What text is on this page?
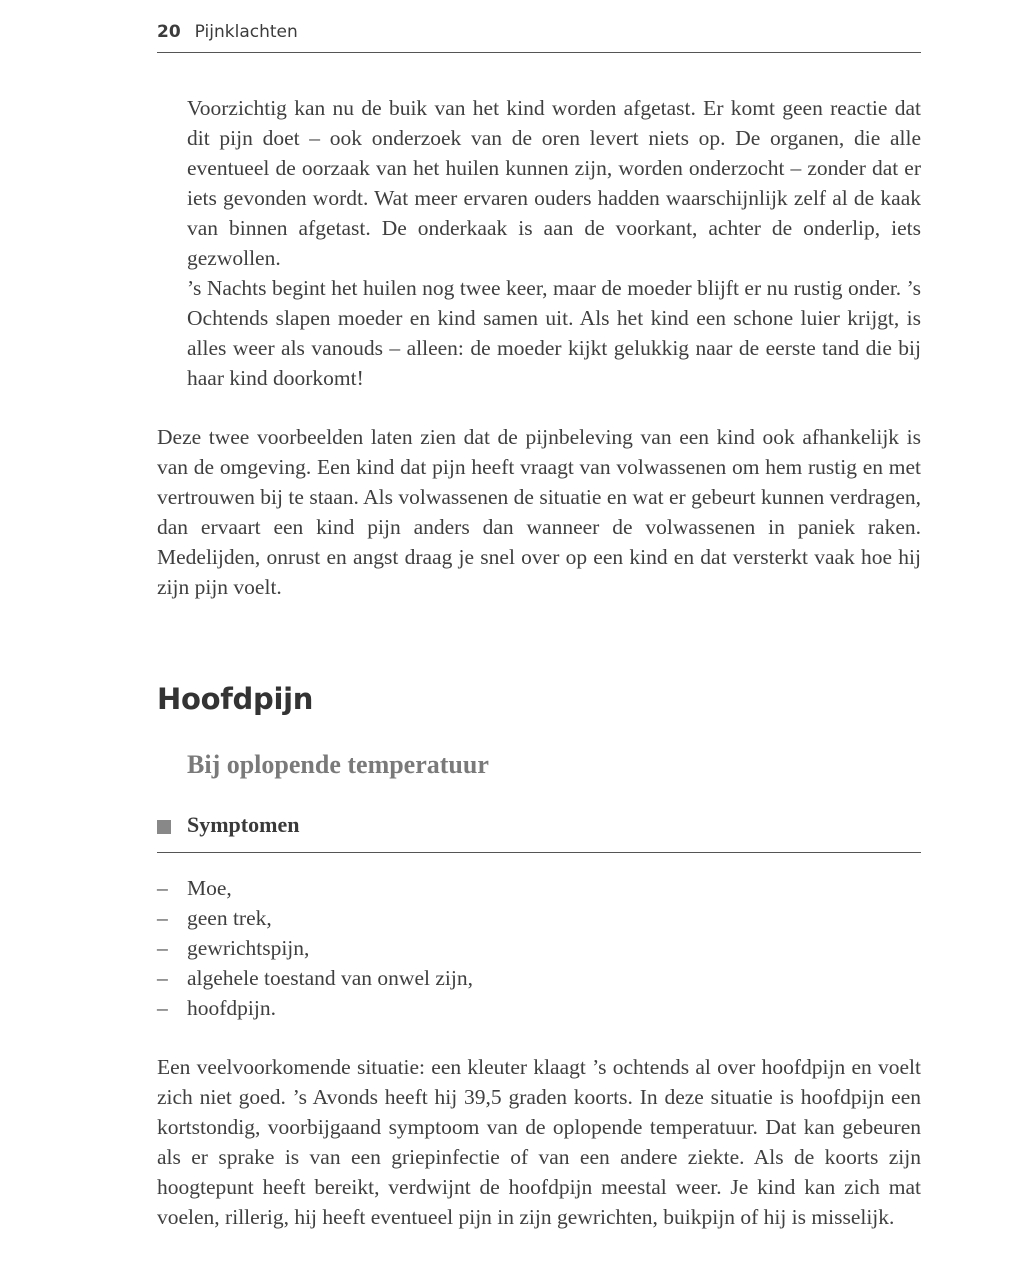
20 Pijnklachten

Voorzichtig kan nu de buik van het kind worden afgetast. Er komt geen reactie dat dit pijn doet – ook onderzoek van de oren levert niets op. De organen, die alle eventueel de oorzaak van het huilen kunnen zijn, worden onderzocht – zonder dat er iets gevonden wordt. Wat meer ervaren ouders hadden waarschijnlijk zelf al de kaak van binnen afgetast. De onderkaak is aan de voorkant, achter de onderlip, iets gezwollen.

’s Nachts begint het huilen nog twee keer, maar de moeder blijft er nu rustig onder. ’s Ochtends slapen moeder en kind samen uit. Als het kind een schone luier krijgt, is alles weer als vanouds – alleen: de moeder kijkt gelukkig naar de eerste tand die bij haar kind doorkomt!

Deze twee voorbeelden laten zien dat de pijnbeleving van een kind ook afhankelijk is van de omgeving. Een kind dat pijn heeft vraagt van volwassenen om hem rustig en met vertrouwen bij te staan. Als volwassenen de situatie en wat er gebeurt kunnen verdragen, dan ervaart een kind pijn anders dan wanneer de volwassenen in paniek raken. Medelijden, onrust en angst draag je snel over op een kind en dat versterkt vaak hoe hij zijn pijn voelt.

Hoofdpijn
Bij oplopende temperatuur
Symptomen
– Moe,
– geen trek,
– gewrichtspijn,
– algehele toestand van onwel zijn,
– hoofdpijn.

Een veelvoorkomende situatie: een kleuter klaagt ’s ochtends al over hoofdpijn en voelt zich niet goed. ’s Avonds heeft hij 39,5 graden koorts. In deze situatie is hoofdpijn een kortstondig, voorbijgaand symptoom van de oplopende temperatuur. Dat kan gebeuren als er sprake is van een griepinfectie of van een andere ziekte. Als de koorts zijn hoogtepunt heeft bereikt, verdwijnt de hoofdpijn meestal weer. Je kind kan zich mat voelen, rillerig, hij heeft eventueel pijn in zijn gewrichten, buikpijn of hij is misselijk.
